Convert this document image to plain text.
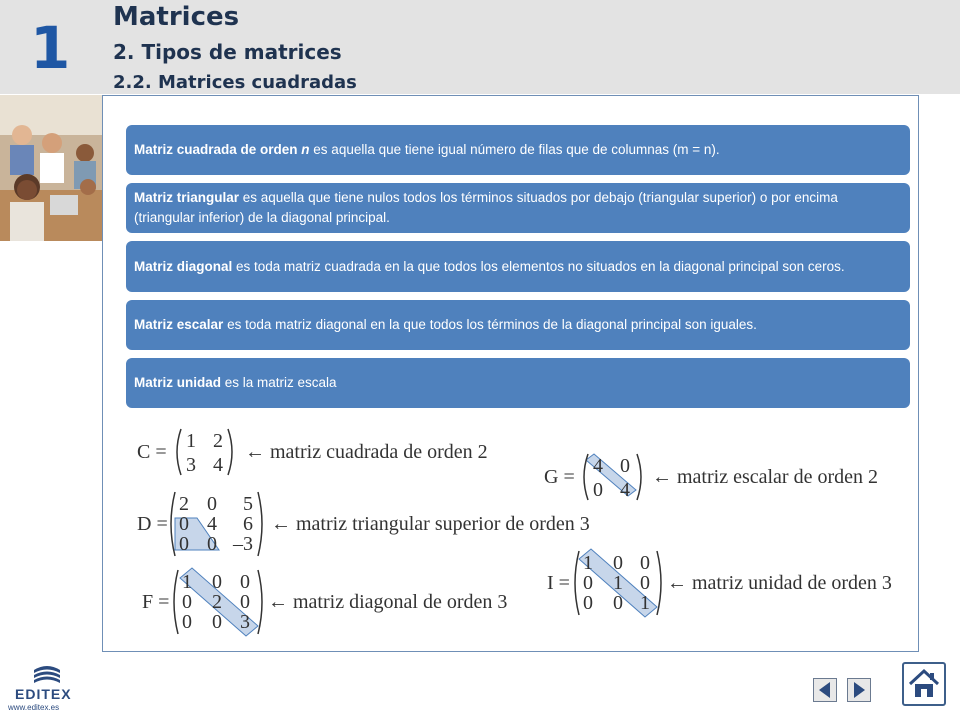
1 Matrices
2. Tipos de matrices
2.2. Matrices cuadradas
Matriz cuadrada de orden n es aquella que tiene igual número de filas que de columnas (m = n).
Matriz triangular es aquella que tiene nulos todos los términos situados por debajo (triangular superior) o por encima (triangular inferior) de la diagonal principal.
Matriz diagonal es toda matriz cuadrada en la que todos los elementos no situados en la diagonal principal son ceros.
Matriz escalar es toda matriz diagonal en la que todos los términos de la diagonal principal son iguales.
Matriz unidad es la matriz escala
C = 1 2
3 4
← matriz cuadrada de orden 2
G = 4 0
0 4
← matriz escalar de orden 2
D =
2 0 5
0 4 6
0 0 –3
← matriz triangular superior de orden 3
F =
1 0 0
0 2 0
0 0 3
← matriz diagonal de orden 3
I =
1 0 0
0 1 0
0 0 1
← matriz unidad de orden 3
EDITEX
www.editex.es
